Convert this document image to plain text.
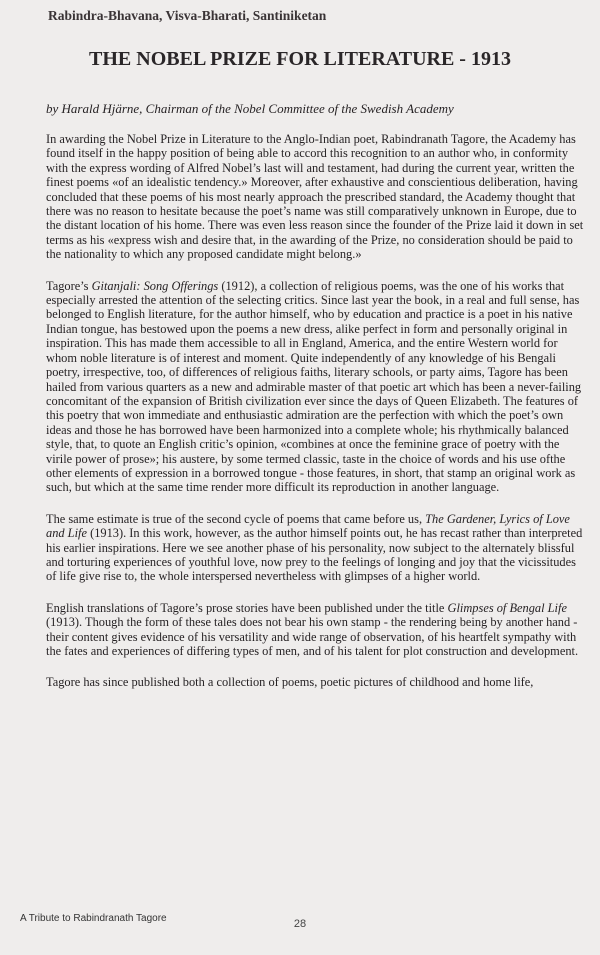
Rabindra-Bhavana, Visva-Bharati, Santiniketan
THE NOBEL PRIZE FOR LITERATURE - 1913
by Harald Hjärne, Chairman of the Nobel Committee of the Swedish Academy

In awarding the Nobel Prize in Literature to the Anglo-Indian poet, Rabindranath Tagore, the Academy has found itself in the happy position of being able to accord this recognition to an author who, in conformity with the express wording of Alfred Nobel’s last will and testament, had during the current year, written the finest poems «of an idealistic tendency.» Moreover, after exhaustive and conscientious deliberation, having concluded that these poems of his most nearly approach the prescribed standard, the Academy thought that there was no reason to hesitate because the poet’s name was still comparatively unknown in Europe, due to the distant location of his home. There was even less reason since the founder of the Prize laid it down in set terms as his «express wish and desire that, in the awarding of the Prize, no consideration should be paid to the nationality to which any proposed candidate might belong.»

Tagore’s Gitanjali: Song Offerings (1912), a collection of religious poems, was the one of his works that especially arrested the attention of the selecting critics. Since last year the book, in a real and full sense, has belonged to English literature, for the author himself, who by education and practice is a poet in his native Indian tongue, has bestowed upon the poems a new dress, alike perfect in form and personally original in inspiration. This has made them accessible to all in England, America, and the entire Western world for whom noble literature is of interest and moment. Quite independently of any knowledge of his Bengali poetry, irrespective, too, of differences of religious faiths, literary schools, or party aims, Tagore has been hailed from various quarters as a new and admirable master of that poetic art which has been a never-failing concomitant of the expansion of British civilization ever since the days of Queen Elizabeth. The features of this poetry that won immediate and enthusiastic admiration are the perfection with which the poet’s own ideas and those he has borrowed have been harmonized into a complete whole; his rhythmically balanced style, that, to quote an English critic’s opinion, «combines at once the feminine grace of poetry with the virile power of prose»; his austere, by some termed classic, taste in the choice of words and his use ofthe other elements of expression in a borrowed tongue - those features, in short, that stamp an original work as such, but which at the same time render more difficult its reproduction in another language.

The same estimate is true of the second cycle of poems that came before us, The Gardener, Lyrics of Love and Life (1913). In this work, however, as the author himself points out, he has recast rather than interpreted his earlier inspirations. Here we see another phase of his personality, now subject to the alternately blissful and torturing experiences of youthful love, now prey to the feelings of longing and joy that the vicissitudes of life give rise to, the whole interspersed nevertheless with glimpses of a higher world.

English translations of Tagore’s prose stories have been published under the title Glimpses of Bengal Life (1913). Though the form of these tales does not bear his own stamp - the rendering being by another hand - their content gives evidence of his versatility and wide range of observation, of his heartfelt sympathy with the fates and experiences of differing types of men, and of his talent for plot construction and development.

Tagore has since published both a collection of poems, poetic pictures of childhood and home life,

A Tribute to Rabindranath Tagore	28
